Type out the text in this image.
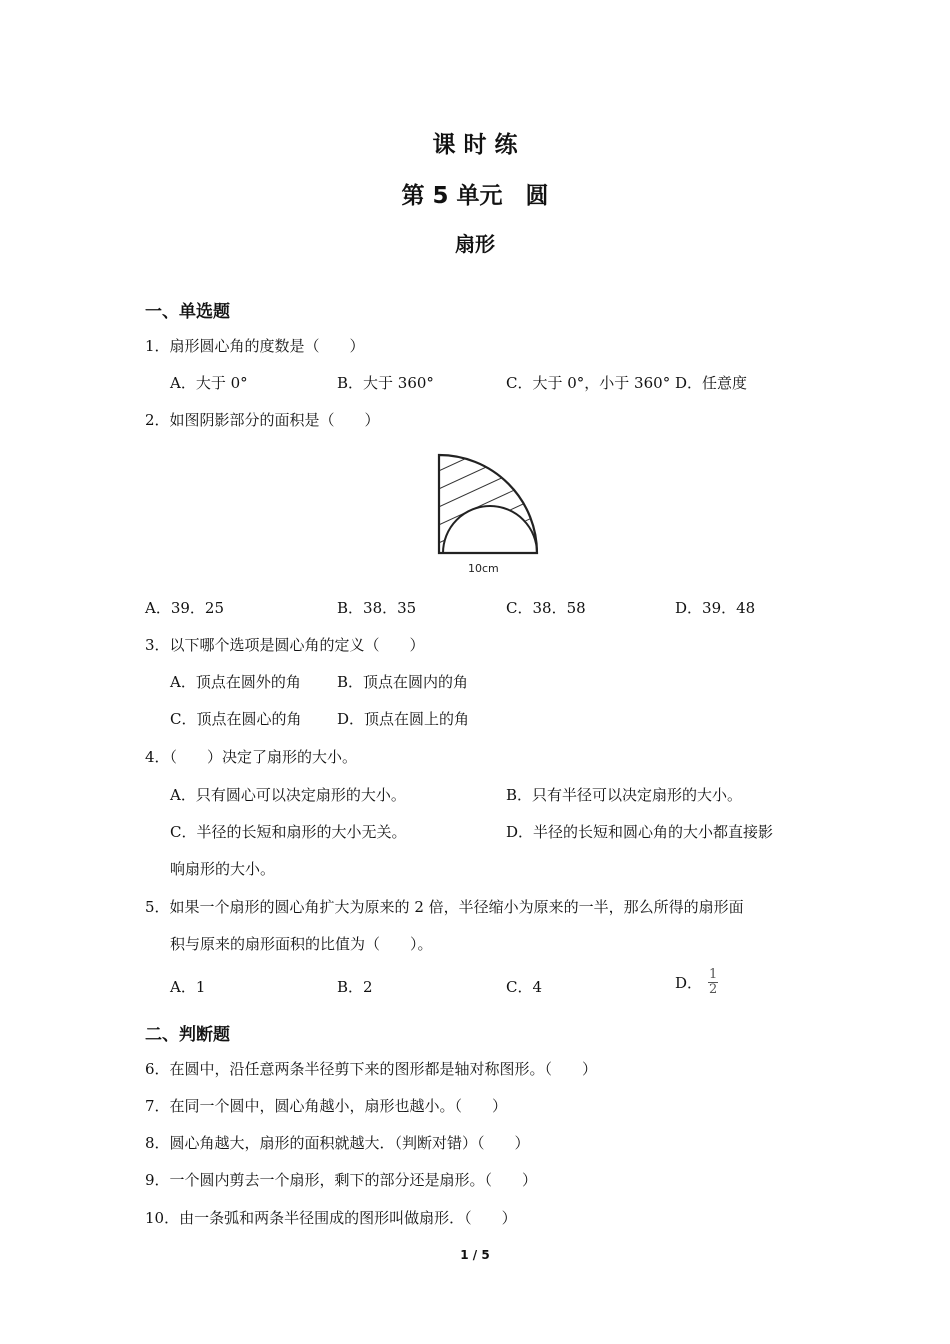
课 时 练
第 5 单元　圆
扇形
一、单选题
1．扇形圆心角的度数是（　　）
A．大于 0°	B．大于 360°	C．大于 0°，小于 360° D．任意度
2．如图阴影部分的面积是（　　）
10cm
A．39．25	B．38．35	C．38．58	D．39．48
3．以下哪个选项是圆心角的定义（　　）
A．顶点在圆外的角 B．顶点在圆内的角
C．顶点在圆心的角 D．顶点在圆上的角
4．（　　）决定了扇形的大小。
A．只有圆心可以决定扇形的大小。	B．只有半径可以决定扇形的大小。
C．半径的长短和扇形的大小无关。	D．半径的长短和圆心角的大小都直接影
响扇形的大小。
5．如果一个扇形的圆心角扩大为原来的 2 倍，半径缩小为原来的一半，那么所得的扇形面
积与原来的扇形面积的比值为（　　）。
A．1	B．2	C．4	D． $\frac{1}{2}$
二、判断题
6．在圆中，沿任意两条半径剪下来的图形都是轴对称图形。（　　）
7．在同一个圆中，圆心角越小，扇形也越小。（　　）
8．圆心角越大，扇形的面积就越大．（判断对错）（　　）
9．一个圆内剪去一个扇形，剩下的部分还是扇形。（　　）
10．由一条弧和两条半径围成的图形叫做扇形．（　　）
1 / 5
